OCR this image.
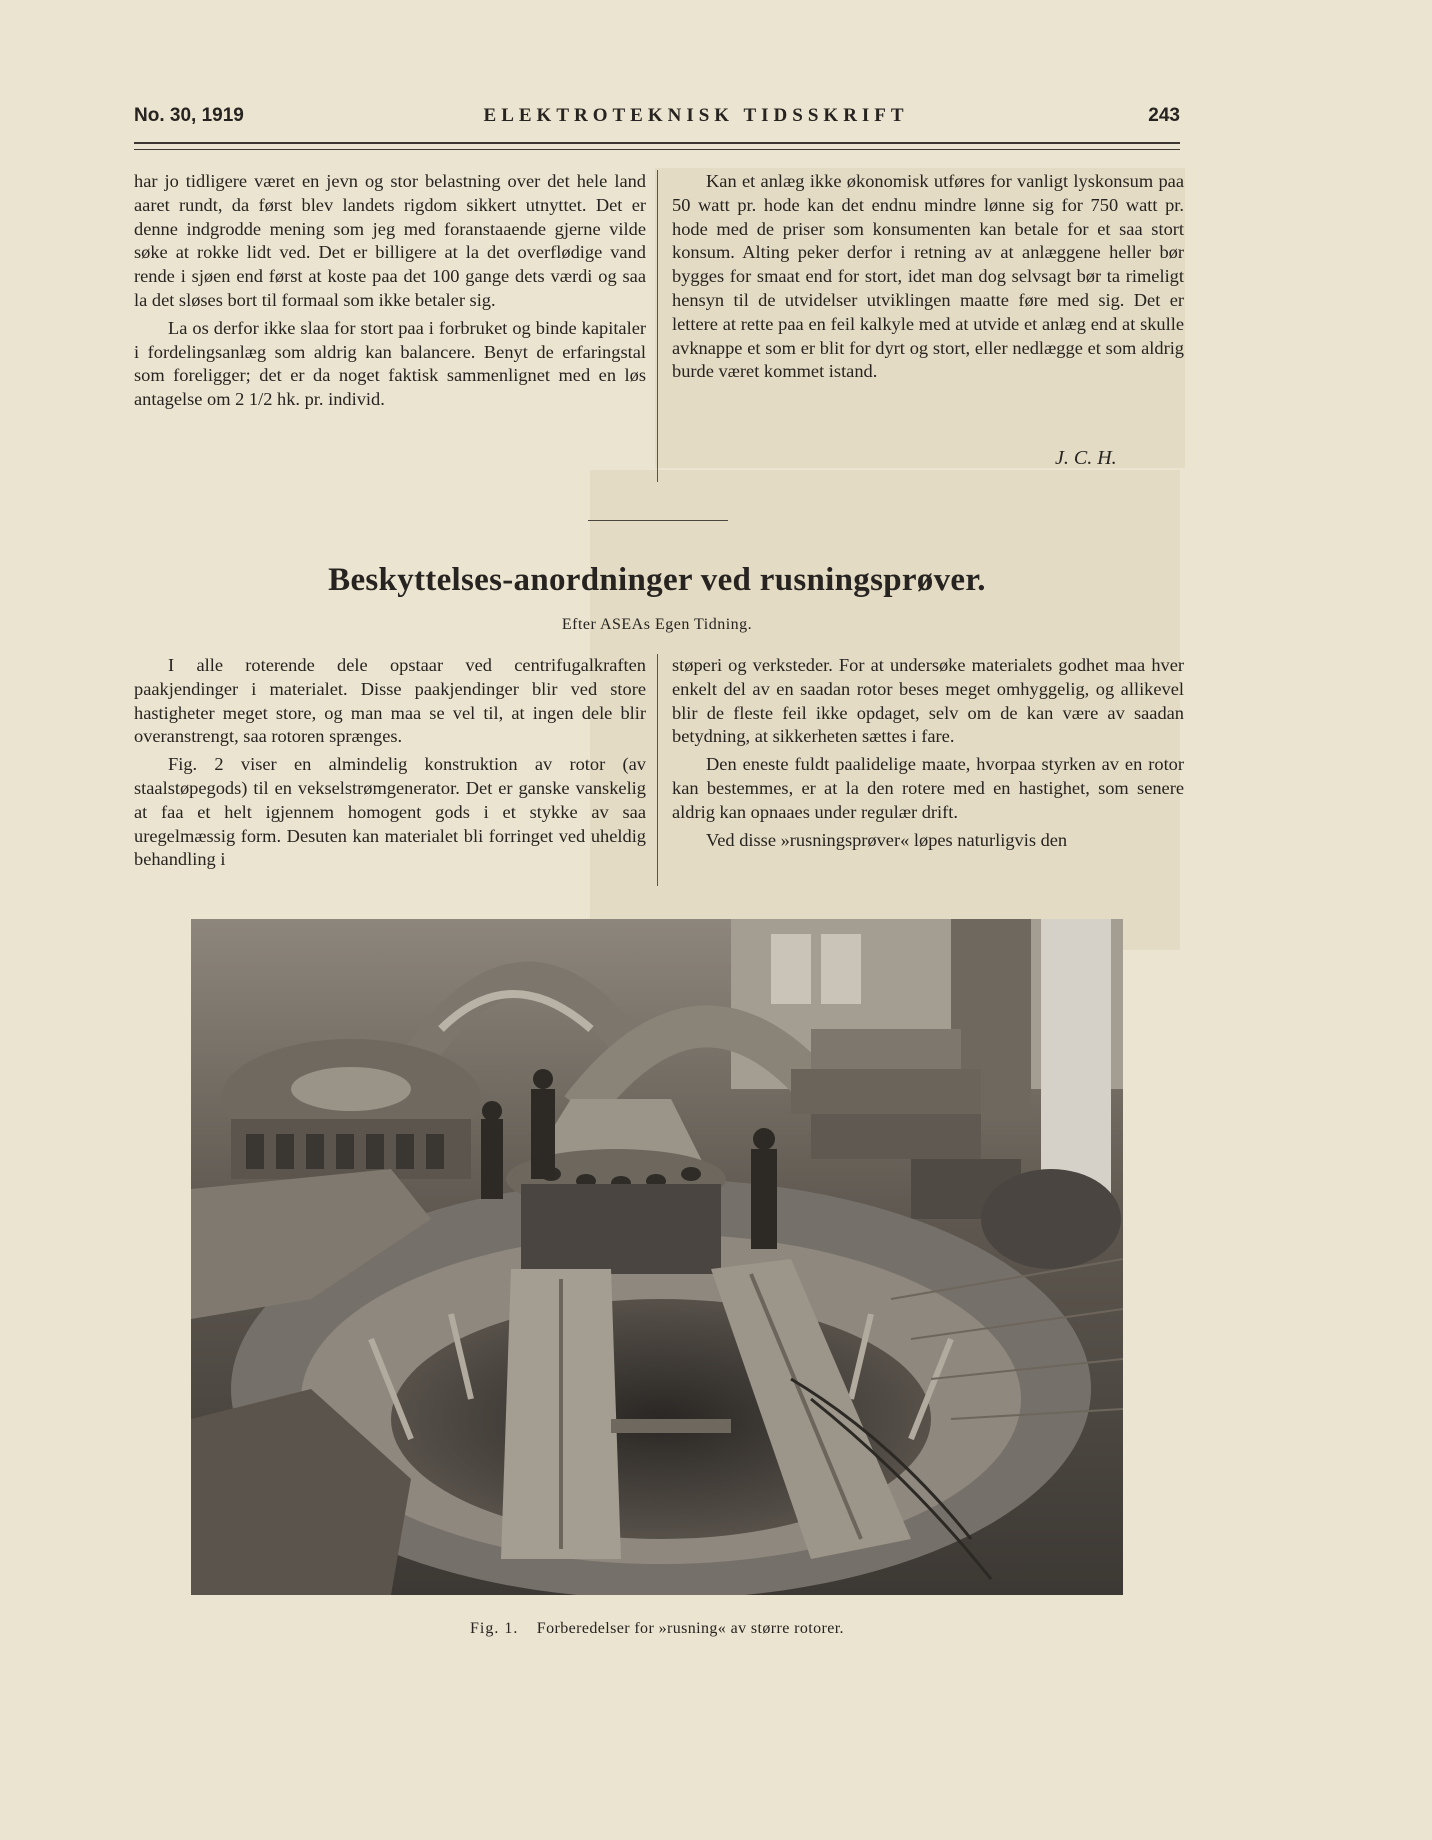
No. 30, 1919	ELEKTROTEKNISK TIDSSKRIFT	243

har jo tidligere været en jevn og stor belastning over det hele land aaret rundt, da først blev landets rigdom sikkert utnyttet. Det er denne indgrodde mening som jeg med foranstaaende gjerne vilde søke at rokke lidt ved. Det er billigere at la det overflødige vand rende i sjøen end først at koste paa det 100 gange dets værdi og saa la det sløses bort til formaal som ikke betaler sig.

La os derfor ikke slaa for stort paa i forbruket og binde kapitaler i fordelingsanlæg som aldrig kan balancere. Benyt de erfaringstal som foreligger; det er da noget faktisk sammenlignet med en løs antagelse om 2 1/2 hk. pr. individ.

Kan et anlæg ikke økonomisk utføres for vanligt lyskonsum paa 50 watt pr. hode kan det endnu mindre lønne sig for 750 watt pr. hode med de priser som konsumenten kan betale for et saa stort konsum. Alting peker derfor i retning av at anlæggene heller bør bygges for smaat end for stort, idet man dog selvsagt bør ta rimeligt hensyn til de utvidelser utviklingen maatte føre med sig. Det er lettere at rette paa en feil kalkyle med at utvide et anlæg end at skulle avknappe et som er blit for dyrt og stort, eller nedlægge et som aldrig burde været kommet istand.

J. C. H.
Beskyttelses-anordninger ved rusningsprøver.
Efter ASEAs Egen Tidning.

I alle roterende dele opstaar ved centrifugalkraften paakjendinger i materialet. Disse paakjendinger blir ved store hastigheter meget store, og man maa se vel til, at ingen dele blir overanstrengt, saa rotoren sprænges.

Fig. 2 viser en almindelig konstruktion av rotor (av staalstøpegods) til en vekselstrømgenerator. Det er ganske vanskelig at faa et helt igjennem homogent gods i et stykke av saa uregelmæssig form. Desuten kan materialet bli forringet ved uheldig behandling i

støperi og verksteder. For at undersøke materialets godhet maa hver enkelt del av en saadan rotor beses meget omhyggelig, og allikevel blir de fleste feil ikke opdaget, selv om de kan være av saadan betydning, at sikkerheten sættes i fare.

Den eneste fuldt paalidelige maate, hvorpaa styrken av en rotor kan bestemmes, er at la den rotere med en hastighet, som senere aldrig kan opnaaes under regulær drift.

Ved disse »rusningsprøver« løpes naturligvis den

Fig. 1. Forberedelser for »rusning« av større rotorer.
